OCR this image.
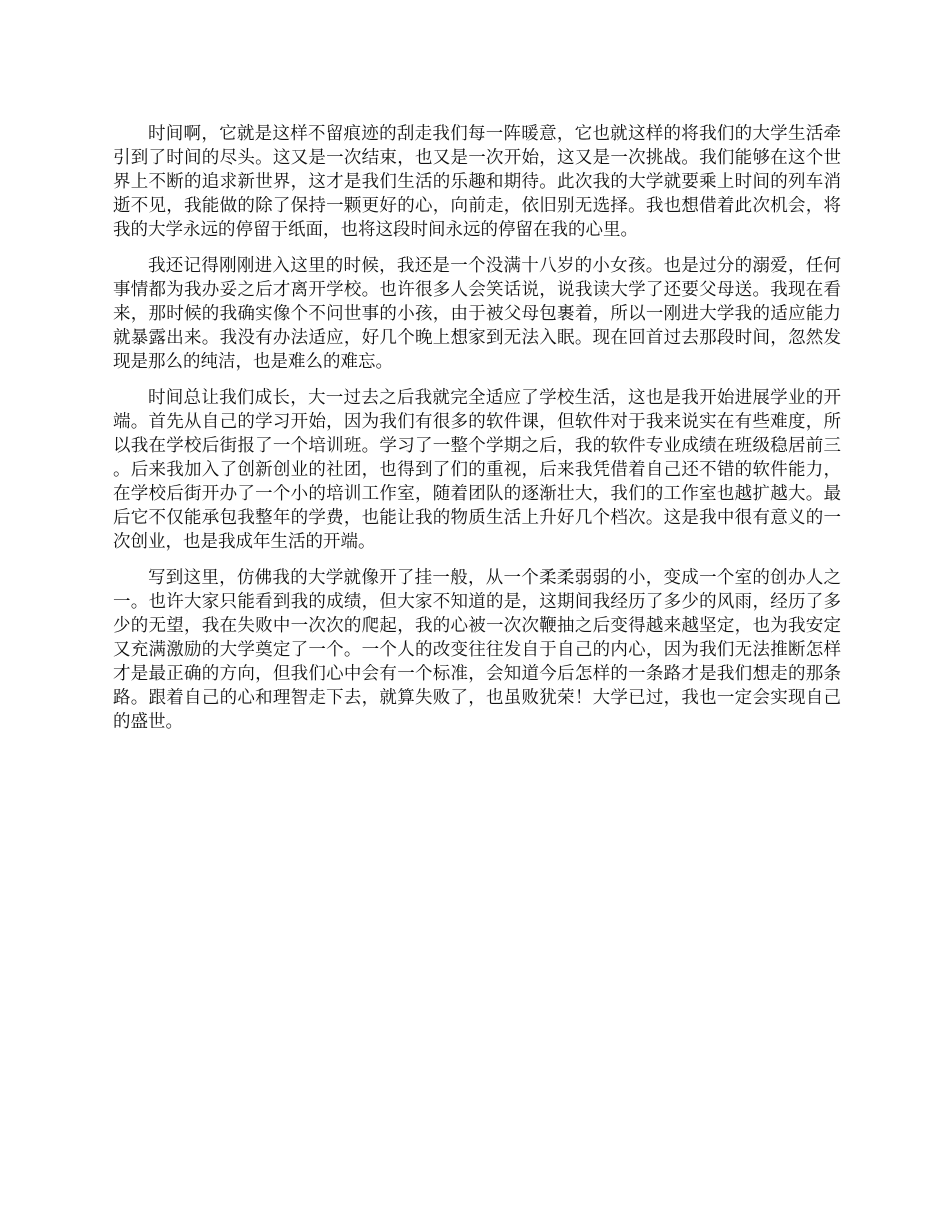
时间啊，它就是这样不留痕迹的刮走我们每一阵暖意，它也就这样的将我们的大学生活牵引到了时间的尽头。这又是一次结束，也又是一次开始，这又是一次挑战。我们能够在这个世界上不断的追求新世界，这才是我们生活的乐趣和期待。此次我的大学就要乘上时间的列车消逝不见，我能做的除了保持一颗更好的心，向前走，依旧别无选择。我也想借着此次机会，将我的大学永远的停留于纸面，也将这段时间永远的停留在我的心里。

我还记得刚刚进入这里的时候，我还是一个没满十八岁的小女孩。也是过分的溺爱，任何事情都为我办妥之后才离开学校。也许很多人会笑话说，说我读大学了还要父母送。我现在看来，那时候的我确实像个不问世事的小孩，由于被父母包裹着，所以一刚进大学我的适应能力就暴露出来。我没有办法适应，好几个晚上想家到无法入眠。现在回首过去那段时间，忽然发现是那么的纯洁，也是难么的难忘。

时间总让我们成长，大一过去之后我就完全适应了学校生活，这也是我开始进展学业的开端。首先从自己的学习开始，因为我们有很多的软件课，但软件对于我来说实在有些难度，所以我在学校后街报了一个培训班。学习了一整个学期之后，我的软件专业成绩在班级稳居前三。后来我加入了创新创业的社团，也得到了们的重视，后来我凭借着自己还不错的软件能力，在学校后街开办了一个小的培训工作室，随着团队的逐渐壮大，我们的工作室也越扩越大。最后它不仅能承包我整年的学费，也能让我的物质生活上升好几个档次。这是我中很有意义的一次创业，也是我成年生活的开端。

写到这里，仿佛我的大学就像开了挂一般，从一个柔柔弱弱的小，变成一个室的创办人之一。也许大家只能看到我的成绩，但大家不知道的是，这期间我经历了多少的风雨，经历了多少的无望，我在失败中一次次的爬起，我的心被一次次鞭抽之后变得越来越坚定，也为我安定又充满激励的大学奠定了一个。一个人的改变往往发自于自己的内心，因为我们无法推断怎样才是最正确的方向，但我们心中会有一个标准，会知道今后怎样的一条路才是我们想走的那条路。跟着自己的心和理智走下去，就算失败了，也虽败犹荣！大学已过，我也一定会实现自己的盛世。
